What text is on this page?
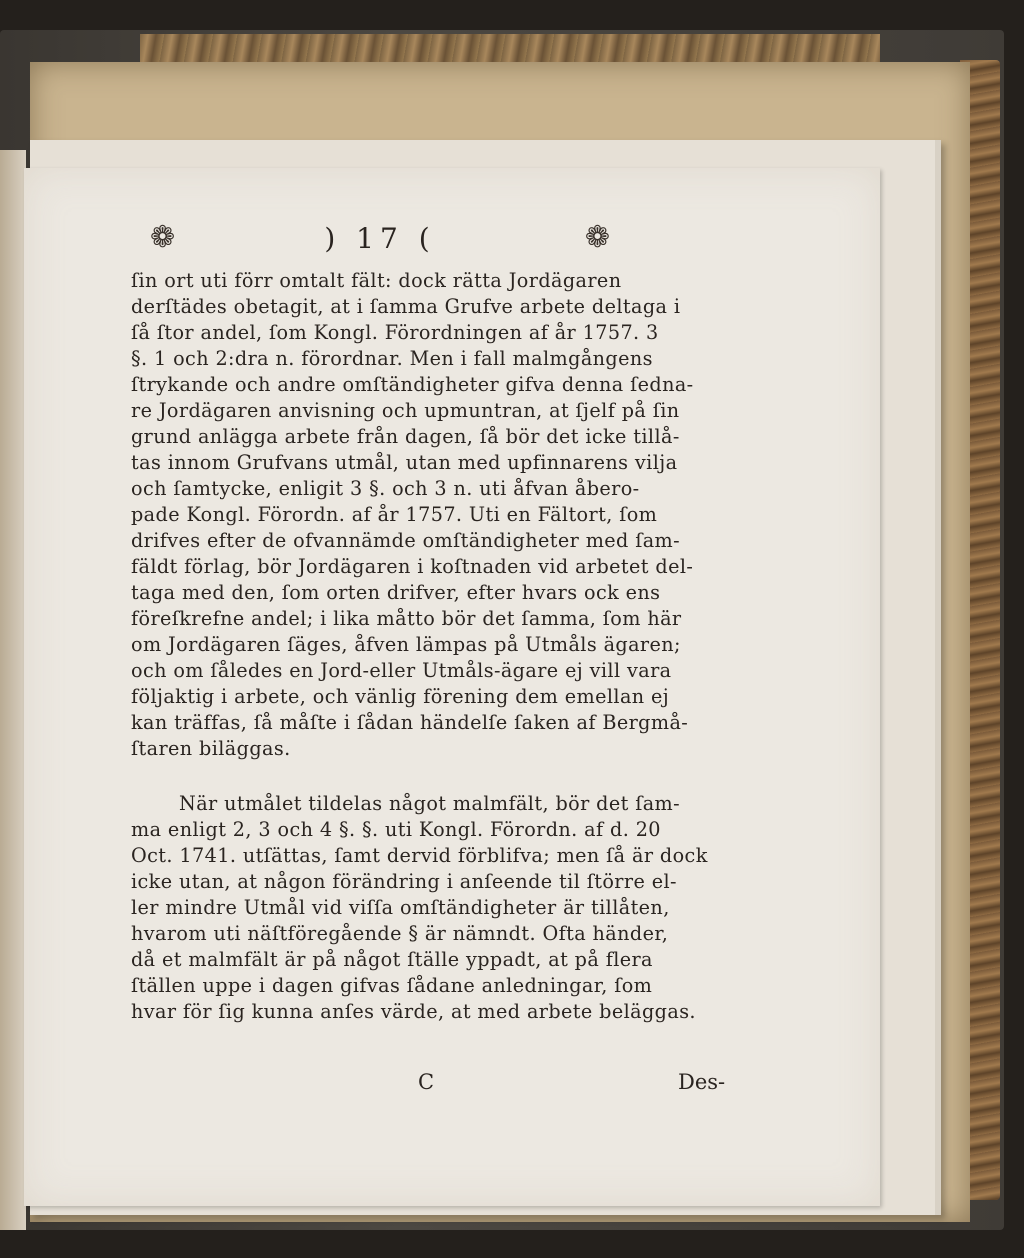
❁	) 17 (	❁
ſin ort uti förr omtalt fält: dock rätta Jordägaren
derſtädes obetagit, at i ſamma Grufve arbete deltaga i
ſå ſtor andel, ſom Kongl. Förordningen af år 1757. 3
§. 1 och 2:dra n. förordnar. Men i fall malmgångens
ſtrykande och andre omſtändigheter gifva denna ſedna-
re Jordägaren anvisning och upmuntran, at ſjelf på ſin
grund anlägga arbete från dagen, ſå bör det icke tillå-
tas innom Grufvans utmål, utan med upfinnarens vilja
och ſamtycke, enligit 3 §. och 3 n. uti åfvan åbero-
pade Kongl. Förordn. af år 1757. Uti en Fältort, ſom
drifves efter de ofvannämde omſtändigheter med ſam-
fäldt förlag, bör Jordägaren i koſtnaden vid arbetet del-
taga med den, ſom orten drifver, efter hvars ock ens
föreſkrefne andel; i lika måtto bör det ſamma, ſom här
om Jordägaren ſäges, åfven lämpas på Utmåls ägaren;
och om ſåledes en Jord-eller Utmåls-ägare ej vill vara
följaktig i arbete, och vänlig förening dem emellan ej
kan träffas, ſå måſte i ſådan händelſe ſaken af Bergmå-
ſtaren biläggas.
När utmålet tildelas något malmfält, bör det ſam-
ma enligt 2, 3 och 4 §. §. uti Kongl. Förordn. af d. 20
Oct. 1741. utſättas, ſamt dervid förblifva; men ſå är dock
icke utan, at någon förändring i anſeende til ſtörre el-
ler mindre Utmål vid viſſa omſtändigheter är tillåten,
hvarom uti näſtföregående § är nämndt. Ofta händer,
då et malmfält är på något ſtälle yppadt, at på flera
ſtällen uppe i dagen gifvas ſådane anledningar, ſom
hvar för ſig kunna anſes värde, at med arbete beläggas.
C	Des-
